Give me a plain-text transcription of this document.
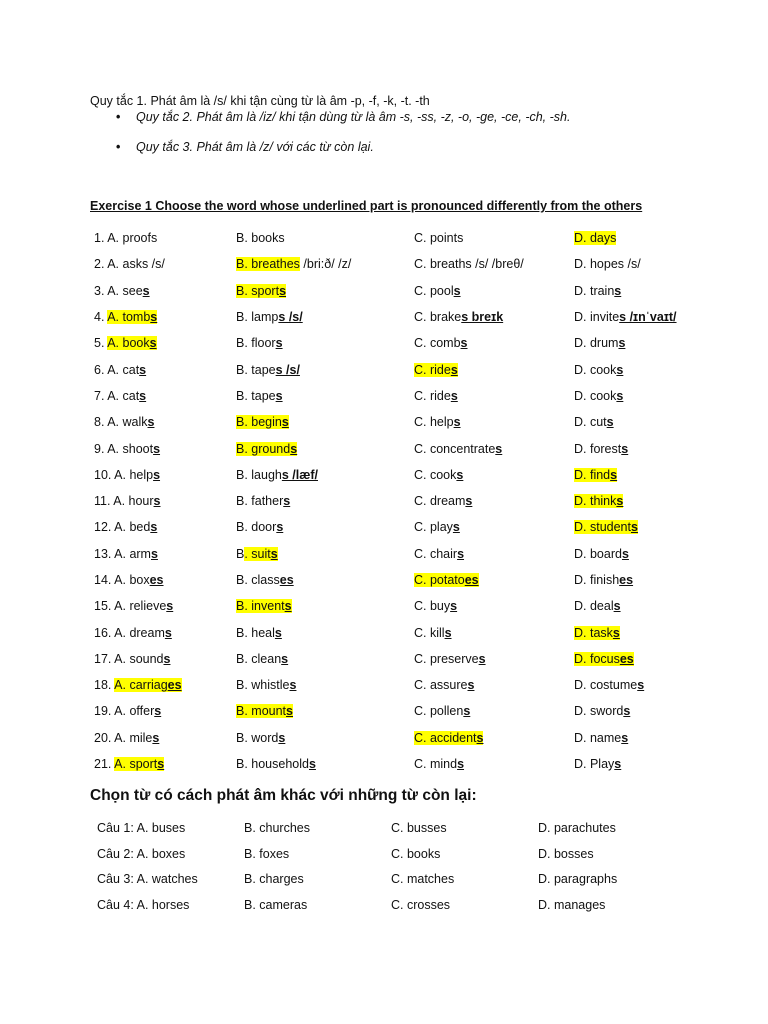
Quy tắc 1. Phát âm là /s/ khi tận cùng từ là âm -p, -f, -k, -t. -th
• Quy tắc 2. Phát âm là /iz/ khi tận dùng từ là âm -s, -ss, -z, -o, -ge, -ce, -ch, -sh.
• Quy tắc 3. Phát âm là /z/ với các từ còn lại.
Exercise 1 Choose the word whose underlined part is pronounced differently from the others
1. A. proofs	B. books	C. points	D. days
2. A. asks /s/	B. breathes /bri:ð/ /z/	C. breaths /s/ /breθ/	D. hopes /s/
3. A. sees	B. sports	C. pools	D. trains
4. A. tombs	B. lamps /s/	C. brakes breɪk	D. invites /ɪnˈvaɪt/
5. A. books	B. floors	C. combs	D. drums
6. A. cats	B. tapes /s/	C. rides	D. cooks
7. A. cats	B. tapes	C. rides	D. cooks
8. A. walks	B. begins	C. helps	D. cuts
9. A. shoots	B. grounds	C. concentrates	D. forests
10. A. helps	B. laughs /læf/	C. cooks	D. finds
11. A. hours	B. fathers	C. dreams	D. thinks
12. A. beds	B. doors	C. plays	D. students
13. A. arms	B. suits	C. chairs	D. boards
14. A. boxes	B. classes	C. potatoes	D. finishes
15. A. relieves	B. invents	C. buys	D. deals
16. A. dreams	B. heals	C. kills	D. tasks
17. A. sounds	B. cleans	C. preserves	D. focuses
18. A. carriages	B. whistles	C. assures	D. costumes
19. A. offers	B. mounts	C. pollens	D. swords
20. A. miles	B. words	C. accidents	D. names
21. A. sports	B. households	C. minds	D. Plays
Chọn từ có cách phát âm khác với những từ còn lại:
Câu 1: A. buses	B. churches	C. busses	D. parachutes
Câu 2: A. boxes	B. foxes	C. books	D. bosses
Câu 3: A. watches	B. charges	C. matches	D. paragraphs
Câu 4: A. horses	B. cameras	C. crosses	D. manages
